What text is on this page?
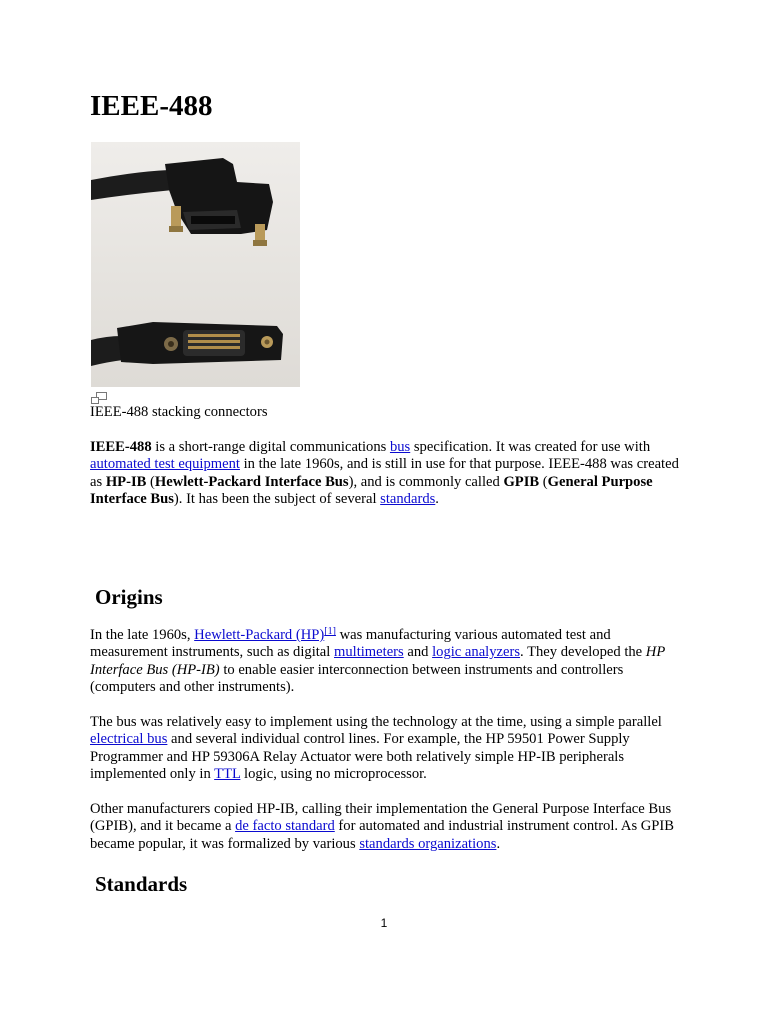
IEEE-488

IEEE-488 stacking connectors

IEEE-488 is a short-range digital communications bus specification. It was created for use with automated test equipment in the late 1960s, and is still in use for that purpose. IEEE-488 was created as HP-IB (Hewlett-Packard Interface Bus), and is commonly called GPIB (General Purpose Interface Bus). It has been the subject of several standards.

Origins

In the late 1960s, Hewlett-Packard (HP)[1] was manufacturing various automated test and measurement instruments, such as digital multimeters and logic analyzers. They developed the HP Interface Bus (HP-IB) to enable easier interconnection between instruments and controllers (computers and other instruments).

The bus was relatively easy to implement using the technology at the time, using a simple parallel electrical bus and several individual control lines. For example, the HP 59501 Power Supply Programmer and HP 59306A Relay Actuator were both relatively simple HP-IB peripherals implemented only in TTL logic, using no microprocessor.

Other manufacturers copied HP-IB, calling their implementation the General Purpose Interface Bus (GPIB), and it became a de facto standard for automated and industrial instrument control. As GPIB became popular, it was formalized by various standards organizations.

Standards
1
